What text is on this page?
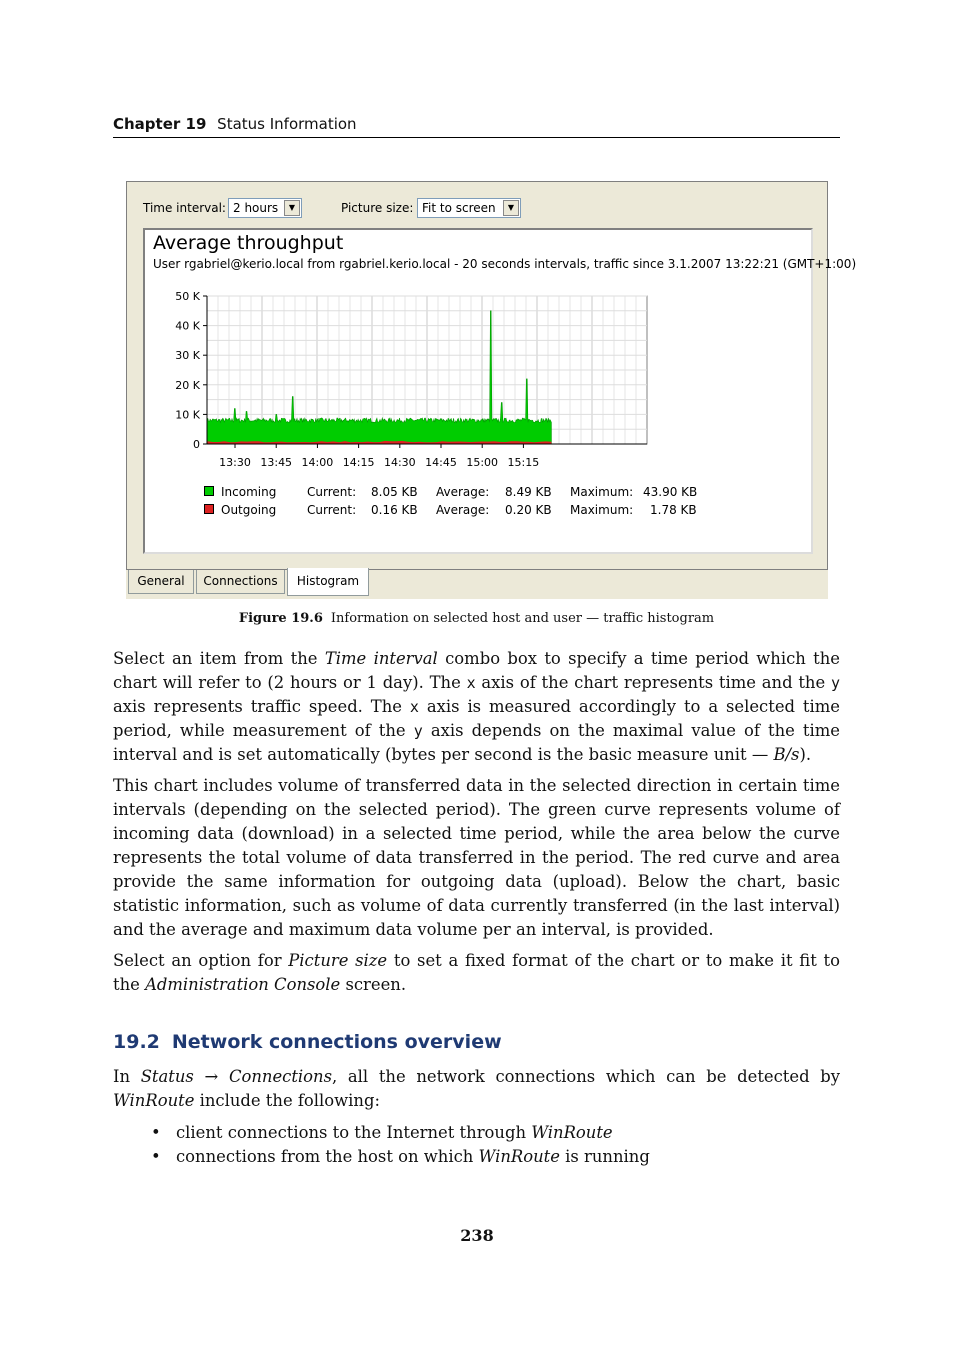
Chapter 19 Status Information
Time interval: 2 hours	▼	Picture size: Fit to screen	▼
Average throughput
User rgabriel@kerio.local from rgabriel.kerio.local - 20 seconds intervals, traffic since 3.1.2007 13:22:21 (GMT+1:00)
50 K
40 K
30 K
20 K
10 K
0
13:30 13:45 14:00 14:15 14:30 14:45 15:00 15:15
Incoming	Current: 8.05 KB Average: 8.49 KB Maximum: 43.90 KB
Outgoing	Current: 0.16 KB Average: 0.20 KB Maximum: 1.78 KB
General	Connections	Histogram
Figure 19.6 Information on selected host and user — traffic histogram
Select an item from the Time interval combo box to specify a time period which the chart will refer to (2 hours or 1 day). The x axis of the chart represents time and the y axis represents traffic speed. The x axis is measured accordingly to a selected time period, while measurement of the y axis depends on the maximal value of the time interval and is set automatically (bytes per second is the basic measure unit — B/s).
This chart includes volume of transferred data in the selected direction in certain time intervals (depending on the selected period). The green curve represents volume of incoming data (download) in a selected time period, while the area below the curve represents the total volume of data transferred in the period. The red curve and area provide the same information for outgoing data (upload). Below the chart, basic statistic information, such as volume of data currently transferred (in the last interval) and the average and maximum data volume per an interval, is provided.
Select an option for Picture size to set a fixed format of the chart or to make it fit to the Administration Console screen.
19.2 Network connections overview
In Status → Connections, all the network connections which can be detected by WinRoute include the following:
• client connections to the Internet through WinRoute
• connections from the host on which WinRoute is running
238
